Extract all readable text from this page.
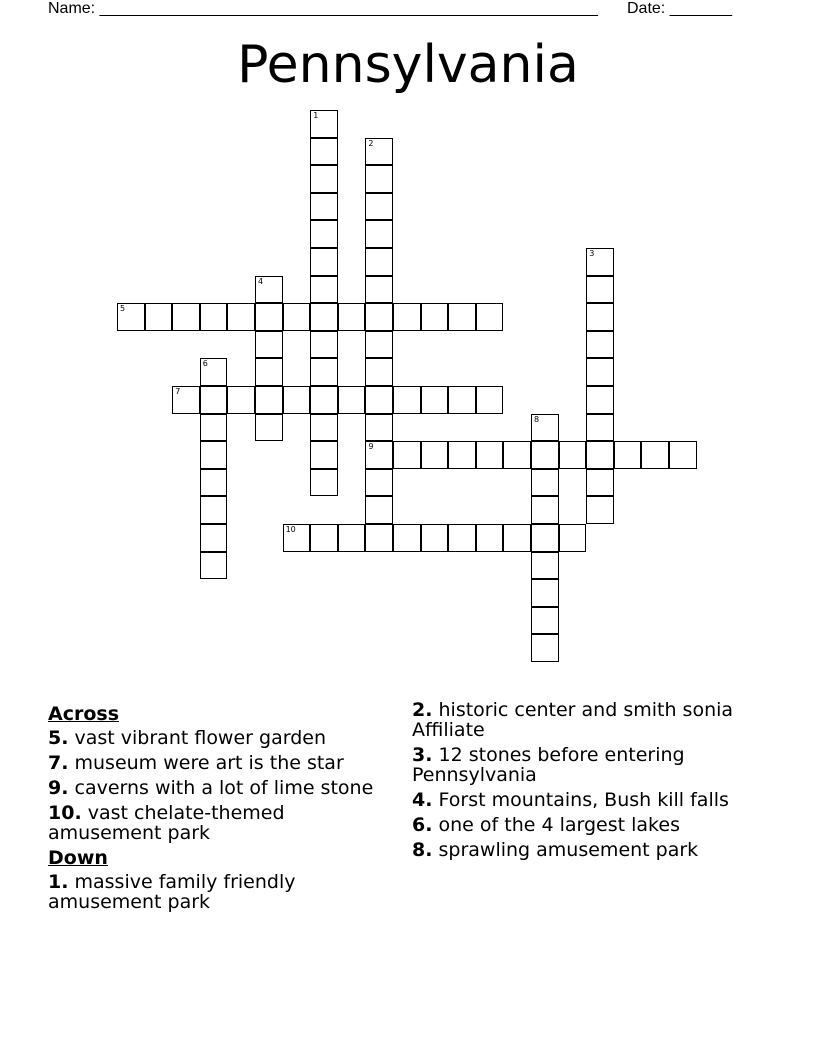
Name: ________________________________________________________ Date: _______
Pennsylvania
1
2
9
3
4
5
6
7
8
10
Across
5. vast vibrant flower garden
7. museum were art is the star
9. caverns with a lot of lime stone
10. vast chelate-themed amusement park
Down
1. massive family friendly amusement park
2. historic center and smith sonia Affiliate
3. 12 stones before entering Pennsylvania
4. Forst mountains, Bush kill falls
6. one of the 4 largest lakes
8. sprawling amusement park
